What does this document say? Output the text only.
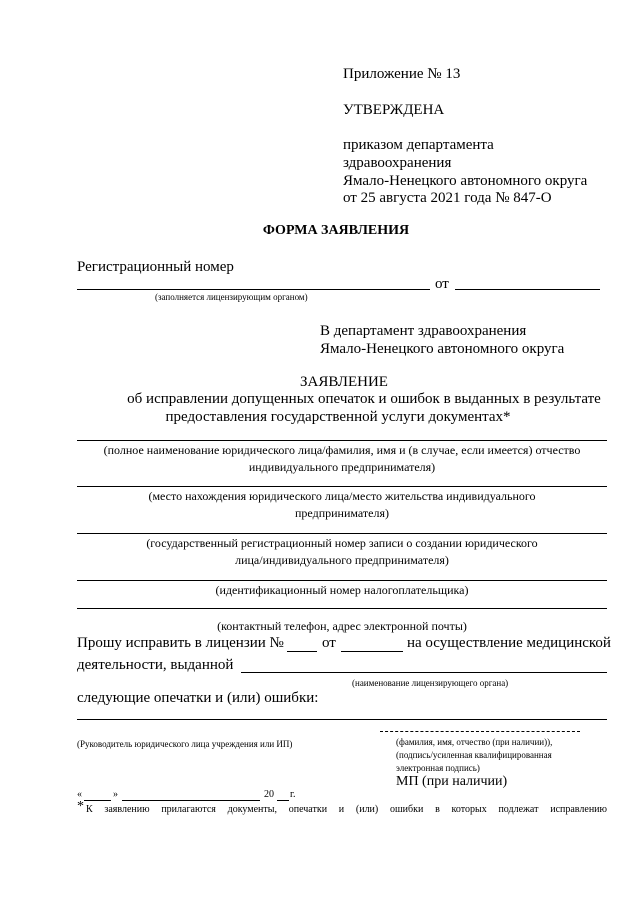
Приложение № 13
УТВЕРЖДЕНА
приказом департамента
здравоохранения
Ямало-Ненецкого автономного округа
от 25 августа 2021 года № 847-О
ФОРМА ЗАЯВЛЕНИЯ
Регистрационный номер
от
(заполняется лицензирующим органом)
В департамент здравоохранения
Ямало-Ненецкого автономного округа
ЗАЯВЛЕНИЕ
об исправлении допущенных опечаток и ошибок в выданных в результате
предоставления государственной услуги документах*
(полное наименование юридического лица/фамилия, имя и (в случае, если имеется) отчество
индивидуального предпринимателя)
(место нахождения юридического лица/место жительства индивидуального
предпринимателя)
(государственный регистрационный номер записи о создании юридического
лица/индивидуального предпринимателя)
(идентификационный номер налогоплательщика)
(контактный телефон, адрес электронной почты)
Прошу исправить в лицензии №	от	на осуществление медицинской
деятельности, выданной
(наименование лицензирующего органа)
следующие опечатки и (или) ошибки:
(Руководитель юридического лица учреждения или ИП)	(фамилия, имя, отчество (при наличии)),
(подпись/усиленная квалифицированная
электронная подпись)
МП (при наличии)
«	»	20 г.
* К заявлению прилагаются документы, опечатки и (или) ошибки в которых подлежат исправлению
